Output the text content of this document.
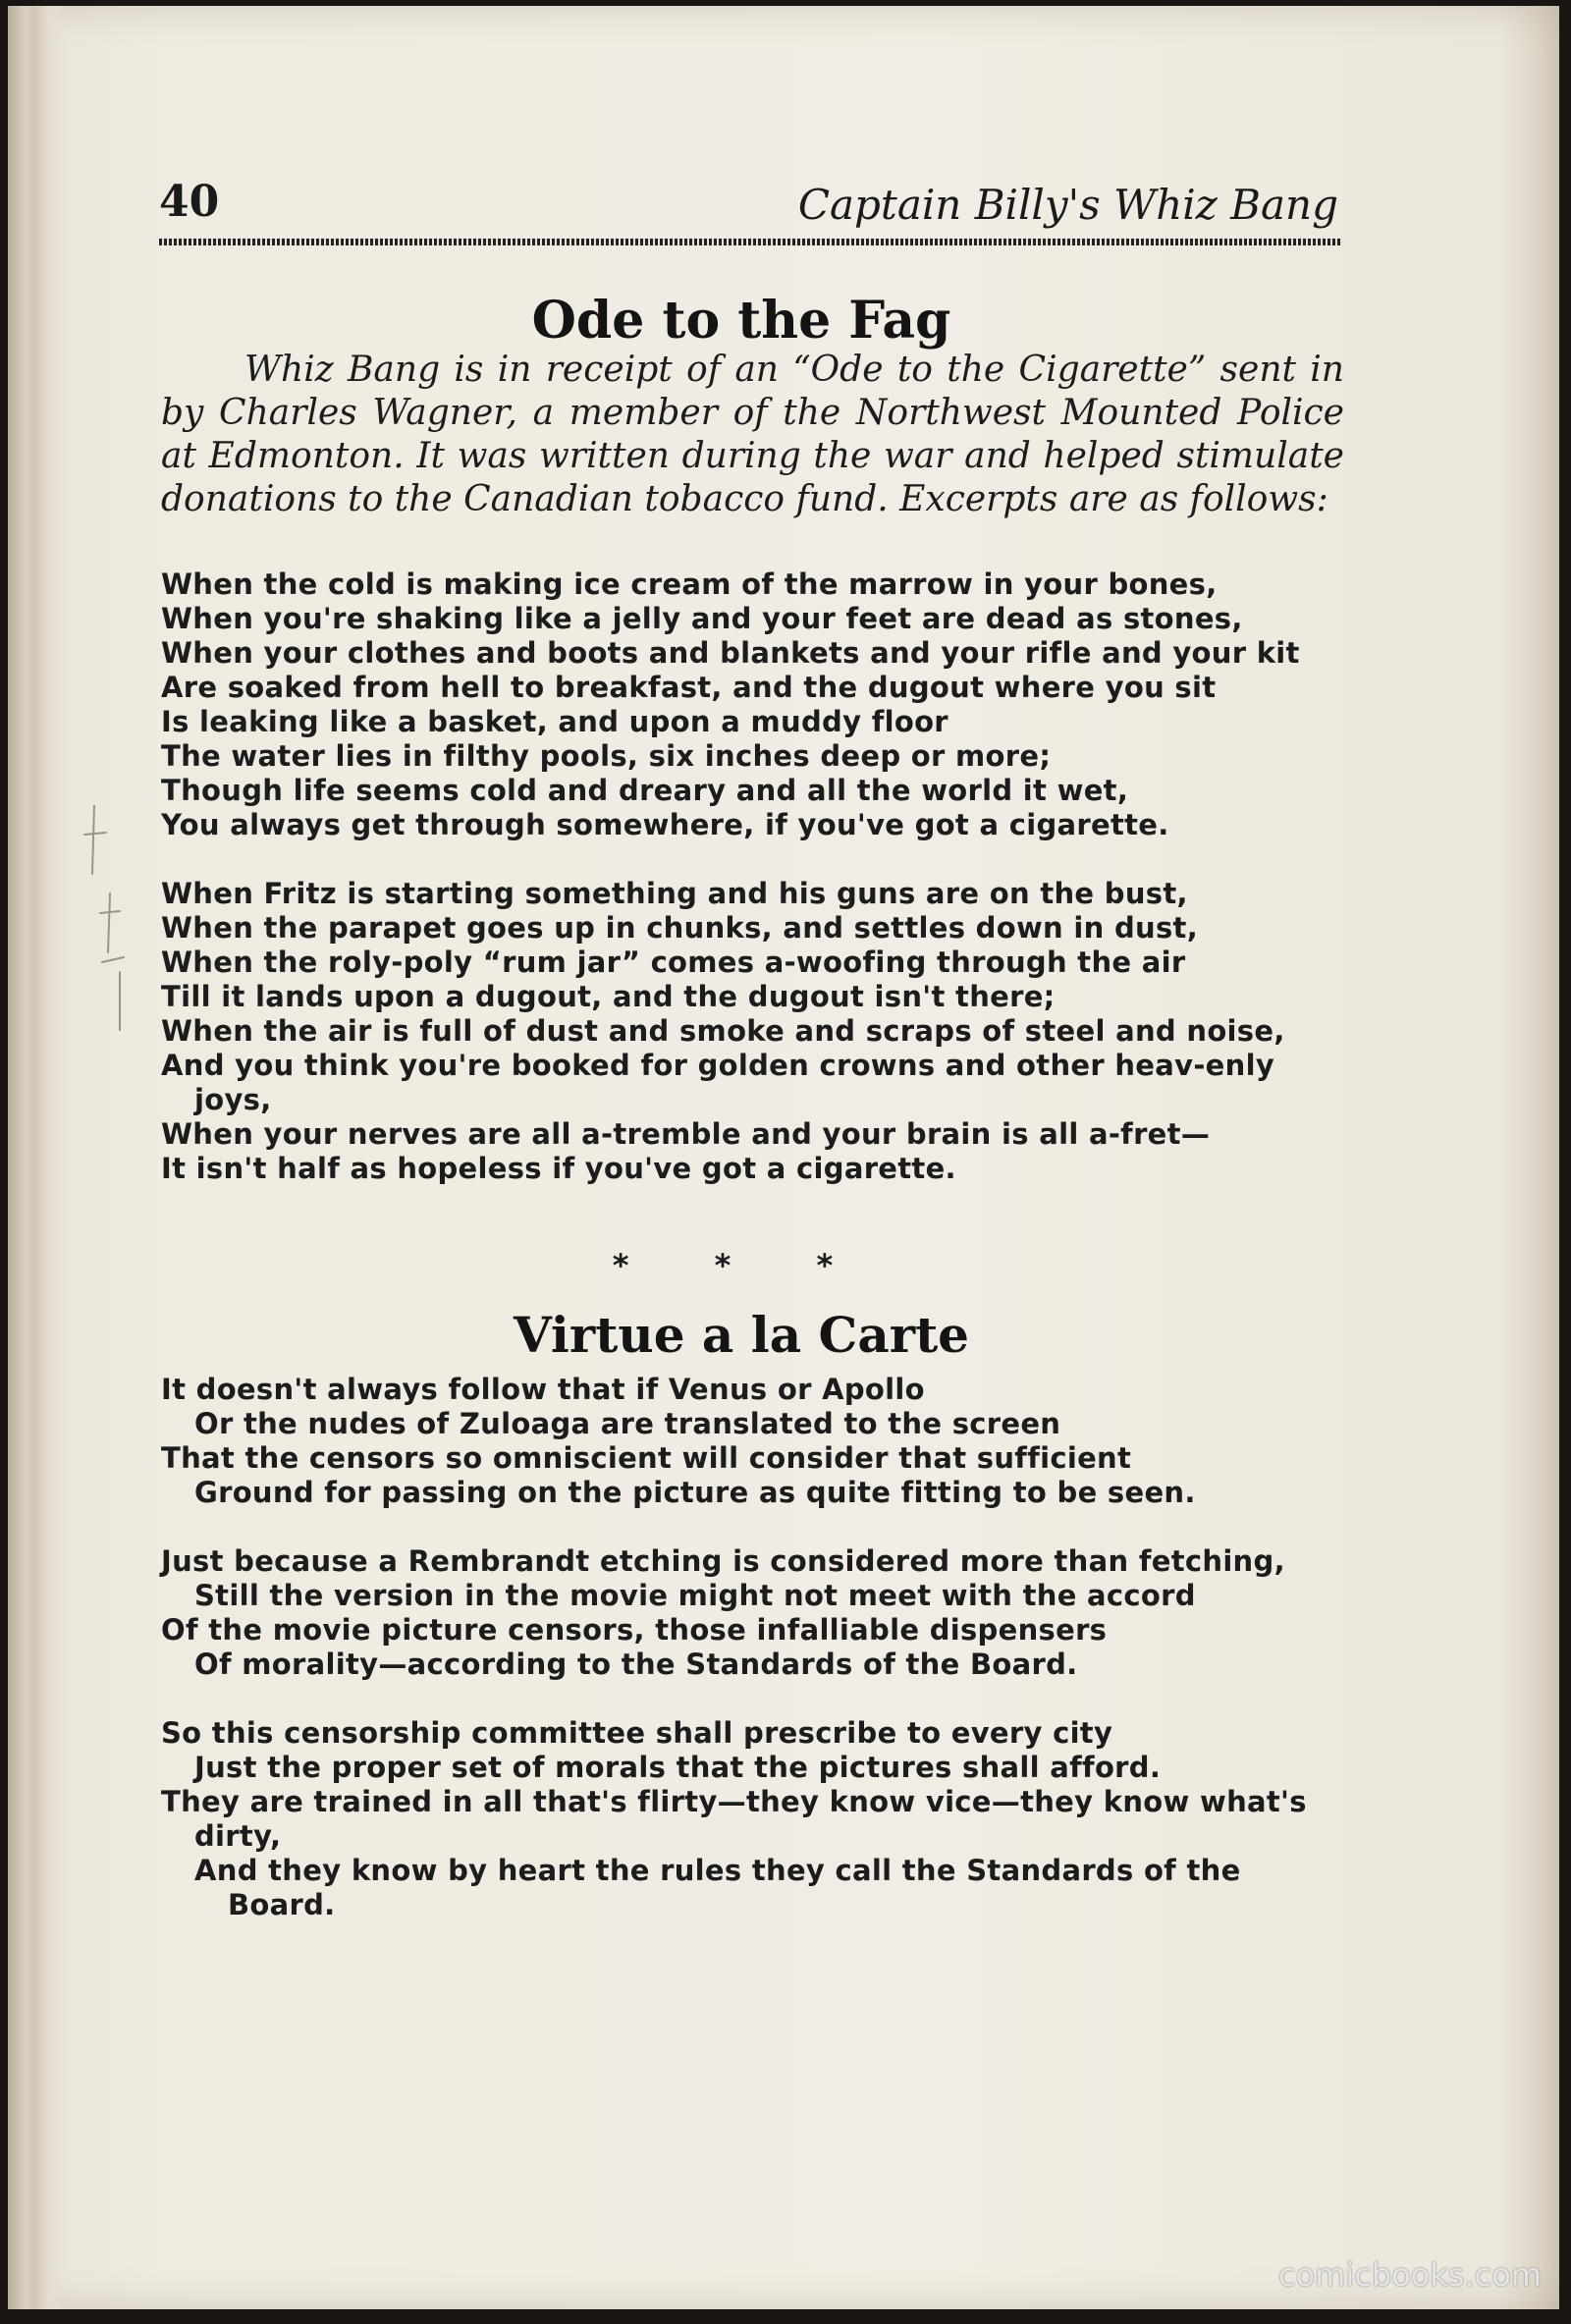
40	Captain Billy's Whiz Bang
Ode to the Fag

Whiz Bang is in receipt of an “Ode to the Cigarette” sent in by Charles Wagner, a member of the Northwest Mounted Police at Edmonton. It was written during the war and helped stimulate donations to the Canadian tobacco fund. Excerpts are as follows:

When the cold is making ice cream of the marrow in your bones,
When you're shaking like a jelly and your feet are dead as stones,
When your clothes and boots and blankets and your rifle and your kit
Are soaked from hell to breakfast, and the dugout where you sit
Is leaking like a basket, and upon a muddy floor
The water lies in filthy pools, six inches deep or more;
Though life seems cold and dreary and all the world it wet,
You always get through somewhere, if you've got a cigarette.
When Fritz is starting something and his guns are on the bust,
When the parapet goes up in chunks, and settles down in dust,
When the roly-poly “rum jar” comes a-woofing through the air
Till it lands upon a dugout, and the dugout isn't there;
When the air is full of dust and smoke and scraps of steel and noise,
And you think you're booked for golden crowns and other heav-enly joys,
When your nerves are all a-tremble and your brain is all a-fret—
It isn't half as hopeless if you've got a cigarette.
* * *
Virtue a la Carte
It doesn't always follow that if Venus or Apollo
Or the nudes of Zuloaga are translated to the screen
That the censors so omniscient will consider that sufficient
Ground for passing on the picture as quite fitting to be seen.
Just because a Rembrandt etching is considered more than fetching,
Still the version in the movie might not meet with the accord
Of the movie picture censors, those infalliable dispensers
Of morality—according to the Standards of the Board.
So this censorship committee shall prescribe to every city
Just the proper set of morals that the pictures shall afford.
They are trained in all that's flirty—they know vice—they know what's dirty,
And they know by heart the rules they call the Standards of the Board.
comicbooks.com
